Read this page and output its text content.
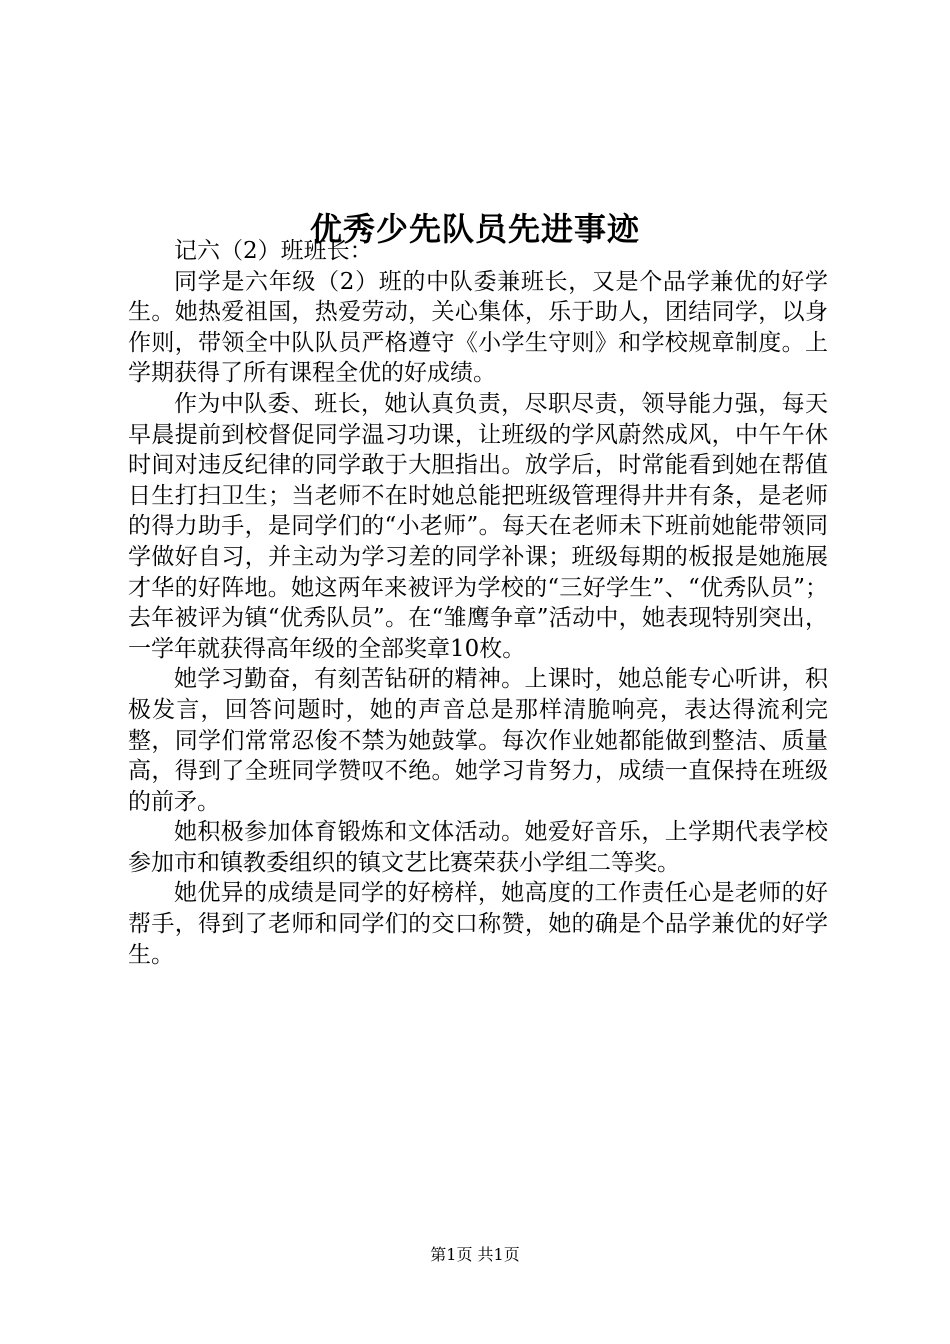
优秀少先队员先进事迹

记六（2）班班长：

同学是六年级（2）班的中队委兼班长，又是个品学兼优的好学生。她热爱祖国，热爱劳动，关心集体，乐于助人，团结同学，以身作则，带领全中队队员严格遵守《小学生守则》和学校规章制度。上学期获得了所有课程全优的好成绩。

作为中队委、班长，她认真负责，尽职尽责，领导能力强，每天早晨提前到校督促同学温习功课，让班级的学风蔚然成风，中午午休时间对违反纪律的同学敢于大胆指出。放学后，时常能看到她在帮值日生打扫卫生；当老师不在时她总能把班级管理得井井有条，是老师的得力助手，是同学们的“小老师”。每天在老师未下班前她能带领同学做好自习，并主动为学习差的同学补课；班级每期的板报是她施展才华的好阵地。她这两年来被评为学校的“三好学生”、“优秀队员”；去年被评为镇“优秀队员”。在“雏鹰争章”活动中，她表现特别突出，一学年就获得高年级的全部奖章10枚。

她学习勤奋，有刻苦钻研的精神。上课时，她总能专心听讲，积极发言，回答问题时，她的声音总是那样清脆响亮，表达得流利完整，同学们常常忍俊不禁为她鼓掌。每次作业她都能做到整洁、质量高，得到了全班同学赞叹不绝。她学习肯努力，成绩一直保持在班级的前矛。

她积极参加体育锻炼和文体活动。她爱好音乐，上学期代表学校参加市和镇教委组织的镇文艺比赛荣获小学组二等奖。

她优异的成绩是同学的好榜样，她高度的工作责任心是老师的好帮手，得到了老师和同学们的交口称赞，她的确是个品学兼优的好学生。

第1页 共1页
